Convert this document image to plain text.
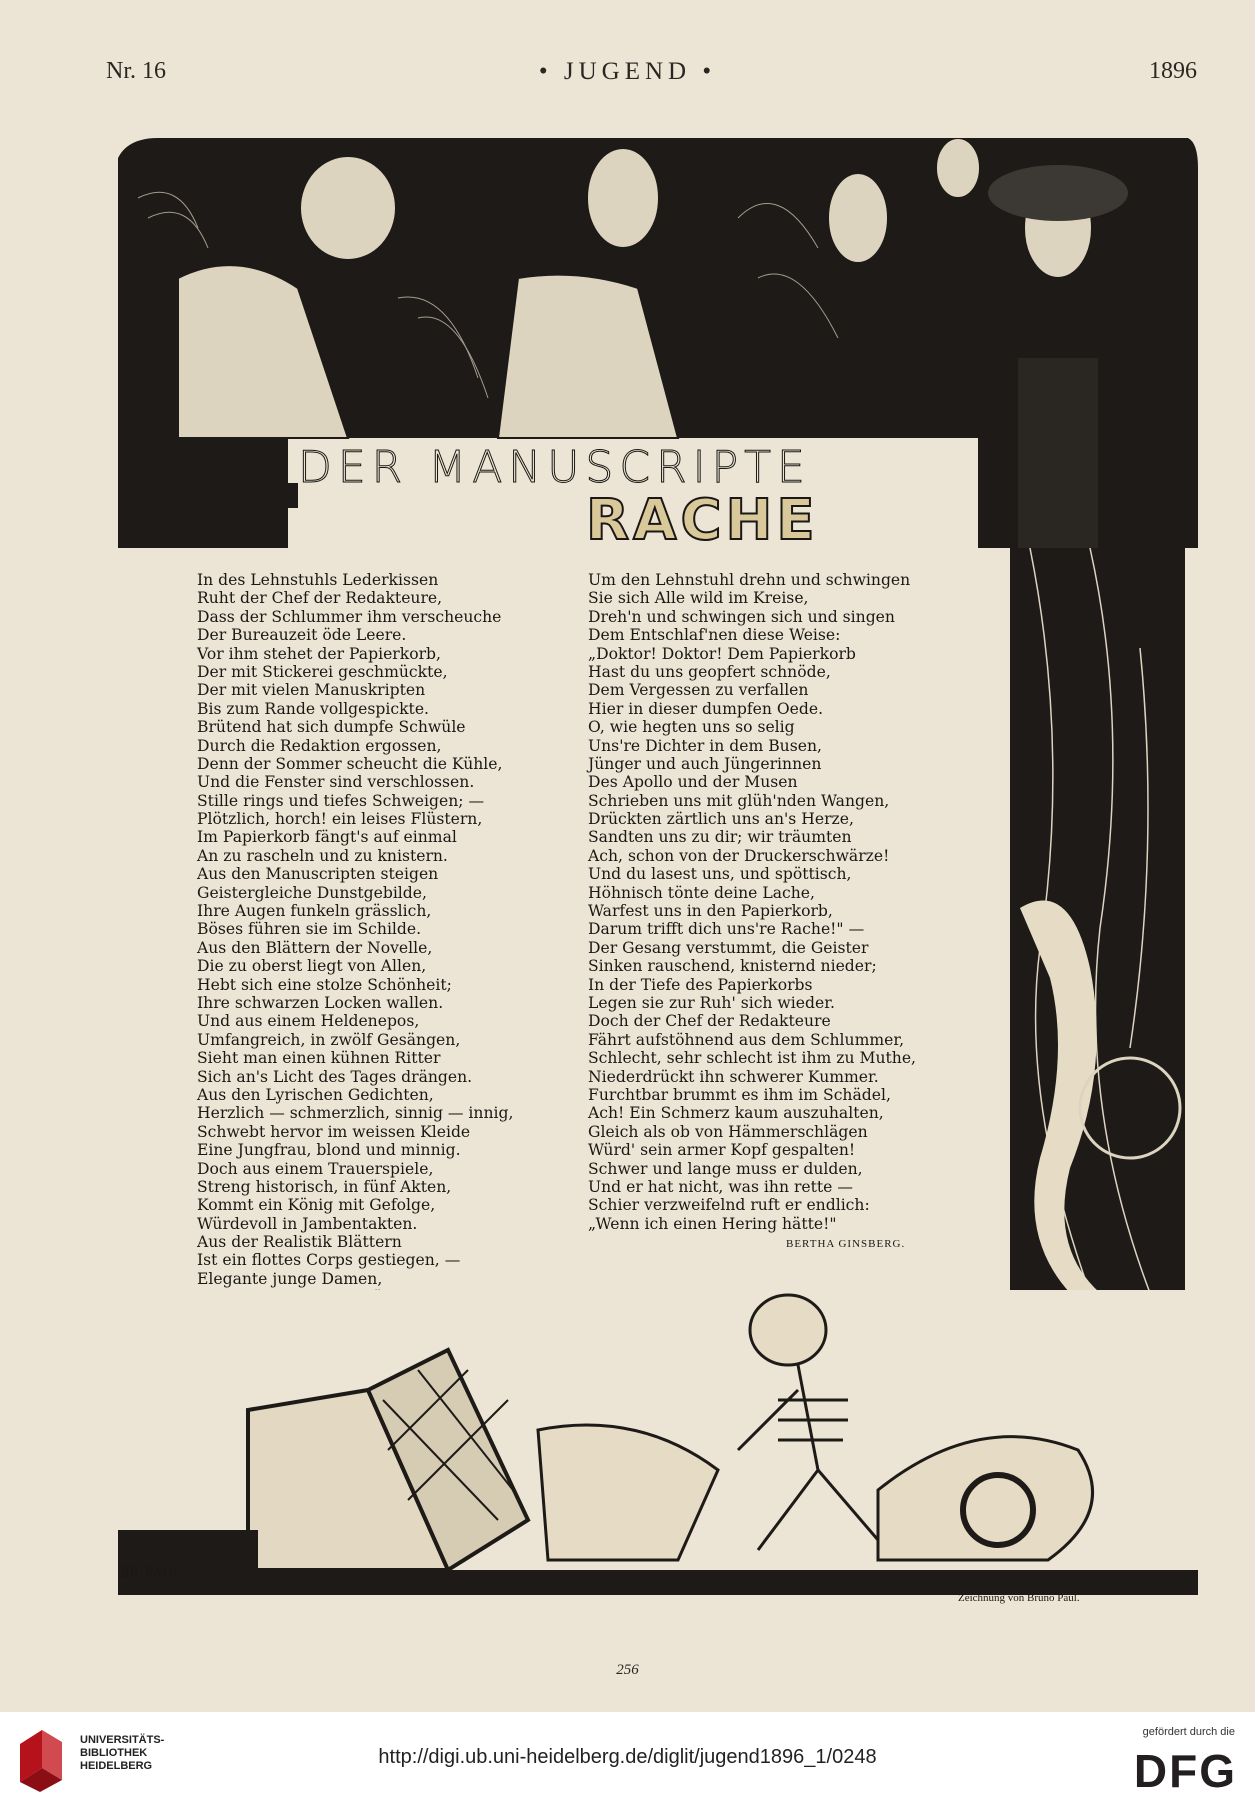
Nr. 16	• JUGEND •	1896
DER MANUSCRIPTE
RACHE
In des Lehnstuhls Lederkissen
Ruht der Chef der Redakteure,
Dass der Schlummer ihm verscheuche
Der Bureauzeit öde Leere.
Vor ihm stehet der Papierkorb,
Der mit Stickerei geschmückte,
Der mit vielen Manuskripten
Bis zum Rande vollgespickte.
Brütend hat sich dumpfe Schwüle
Durch die Redaktion ergossen,
Denn der Sommer scheucht die Kühle,
Und die Fenster sind verschlossen.
Stille rings und tiefes Schweigen; —
Plötzlich, horch! ein leises Flüstern,
Im Papierkorb fängt's auf einmal
An zu rascheln und zu knistern.
Aus den Manuscripten steigen
Geistergleiche Dunstgebilde,
Ihre Augen funkeln grässlich,
Böses führen sie im Schilde.
Aus den Blättern der Novelle,
Die zu oberst liegt von Allen,
Hebt sich eine stolze Schönheit;
Ihre schwarzen Locken wallen.
Und aus einem Heldenepos,
Umfangreich, in zwölf Gesängen,
Sieht man einen kühnen Ritter
Sich an's Licht des Tages drängen.
Aus den Lyrischen Gedichten,
Herzlich — schmerzlich, sinnig — innig,
Schwebt hervor im weissen Kleide
Eine Jungfrau, blond und minnig.
Doch aus einem Trauerspiele,
Streng historisch, in fünf Akten,
Kommt ein König mit Gefolge,
Würdevoll in Jambentakten.
Aus der Realistik Blättern
Ist ein flottes Corps gestiegen, —
Elegante junge Damen,
Um den Lehnstuhl drehn und schwingen
Sie sich Alle wild im Kreise,
Dreh'n und schwingen sich und singen
Dem Entschlaf'nen diese Weise:
„Doktor! Doktor! Dem Papierkorb
Hast du uns geopfert schnöde,
Dem Vergessen zu verfallen
Hier in dieser dumpfen Oede.
O, wie hegten uns so selig
Uns're Dichter in dem Busen,
Jünger und auch Jüngerinnen
Des Apollo und der Musen
Schrieben uns mit glüh'nden Wangen,
Drückten zärtlich uns an's Herze,
Sandten uns zu dir; wir träumten
Ach, schon von der Druckerschwärze!
Und du lasest uns, und spöttisch,
Höhnisch tönte deine Lache,
Warfest uns in den Papierkorb,
Darum trifft dich uns're Rache!" —
Der Gesang verstummt, die Geister
Sinken rauschend, knisternd nieder;
In der Tiefe des Papierkorbs
Legen sie zur Ruh' sich wieder.
Doch der Chef der Redakteure
Fährt aufstöhnend aus dem Schlummer,
Schlecht, sehr schlecht ist ihm zu Muthe,
Niederdrückt ihn schwerer Kummer.
Furchtbar brummt es ihm im Schädel,
Ach! Ein Schmerz kaum auszuhalten,
Gleich als ob von Hämmerschlägen
Würd' sein armer Kopf gespalten!
Schwer und lange muss er dulden,
Und er hat nicht, was ihn rette —
Schier verzweifelnd ruft er endlich:
„Wenn ich einen Hering hätte!"
BERTHA GINSBERG.
BR·PAUL·
Zeichnung von Bruno Paul.
256
UNIVERSITÄTS-
BIBLIOTHEK
HEIDELBERG	http://digi.ub.uni-heidelberg.de/diglit/jugend1896_1/0248
gefördert durch die
DFG
